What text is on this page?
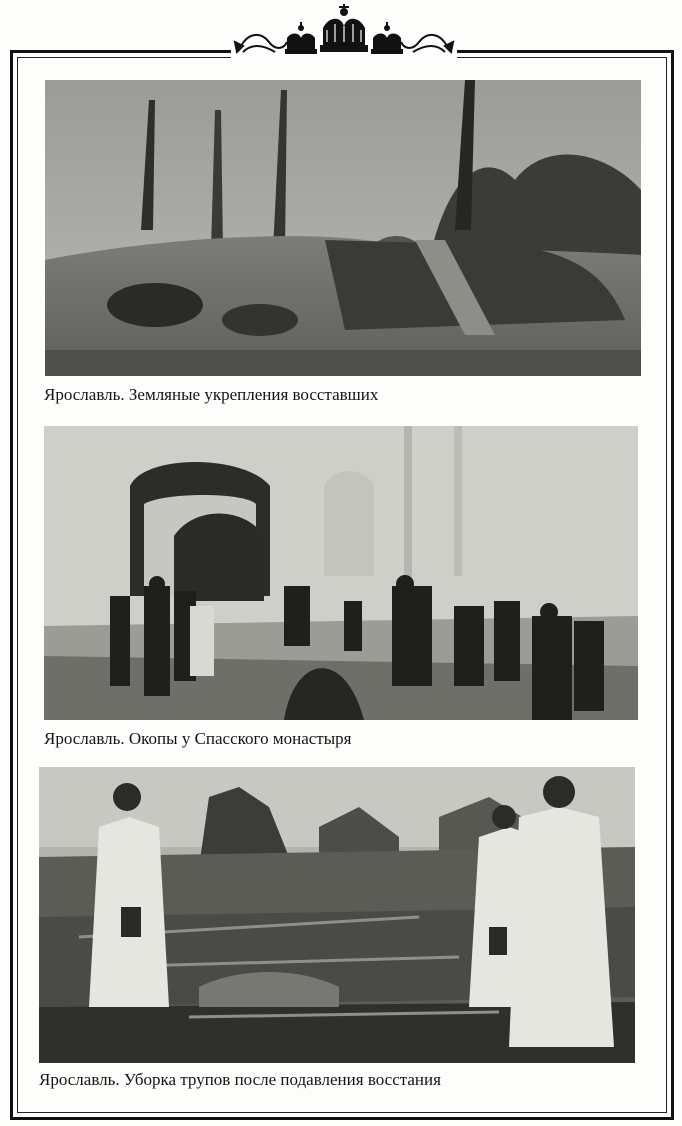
Ярославль. Земляные укрепления восставших
Ярославль. Окопы у Спасского монастыря
Ярославль. Уборка трупов после подавления восстания
